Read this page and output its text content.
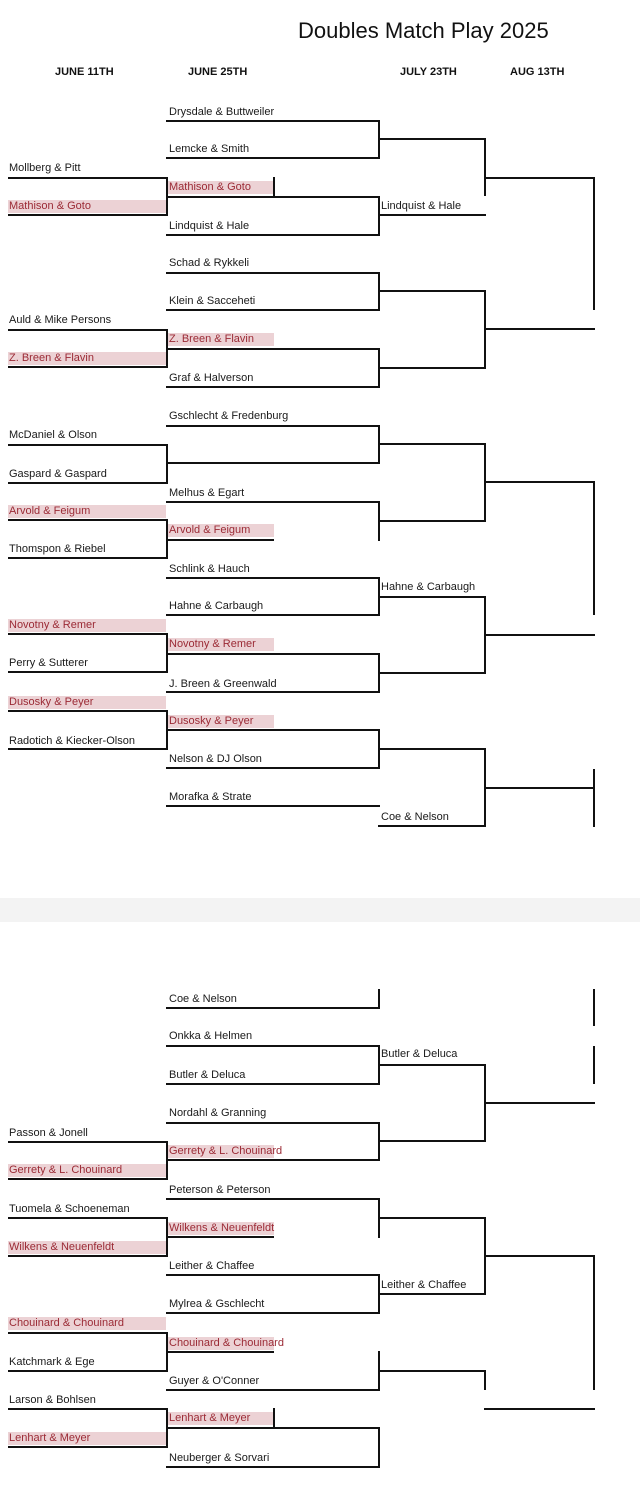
Doubles Match Play 2025
JUNE 11TH	JUNE 25TH	JULY 23TH	AUG 13TH
Mollberg & Pitt
Mathison & Goto
Auld & Mike Persons
Z. Breen & Flavin
McDaniel & Olson
Gaspard & Gaspard
Arvold & Feigum
Thomspon & Riebel
Novotny & Remer
Perry & Sutterer
Dusosky & Peyer
Radotich & Kiecker-Olson
Drysdale & Buttweiler
Lemcke & Smith
Mathison & Goto
Lindquist & Hale
Schad & Rykkeli
Klein & Sacceheti
Z. Breen & Flavin
Graf & Halverson
Gschlecht & Fredenburg
Melhus & Egart
Arvold & Feigum
Schlink & Hauch
Hahne & Carbaugh
Novotny & Remer
J. Breen & Greenwald
Dusosky & Peyer
Nelson & DJ Olson
Morafka & Strate
Lindquist & Hale
Hahne & Carbaugh
Coe & Nelson
Passon & Jonell
Gerrety & L. Chouinard
Tuomela & Schoeneman
Wilkens & Neuenfeldt
Chouinard & Chouinard
Katchmark & Ege
Larson & Bohlsen
Lenhart & Meyer
Coe & Nelson
Onkka & Helmen
Butler & Deluca
Nordahl & Granning
Gerrety & L. Chouinard
Peterson & Peterson
Wilkens & Neuenfeldt
Leither & Chaffee
Mylrea & Gschlecht
Chouinard & Chouinard
Guyer & O'Conner
Lenhart & Meyer
Neuberger & Sorvari
Butler & Deluca
Leither & Chaffee
